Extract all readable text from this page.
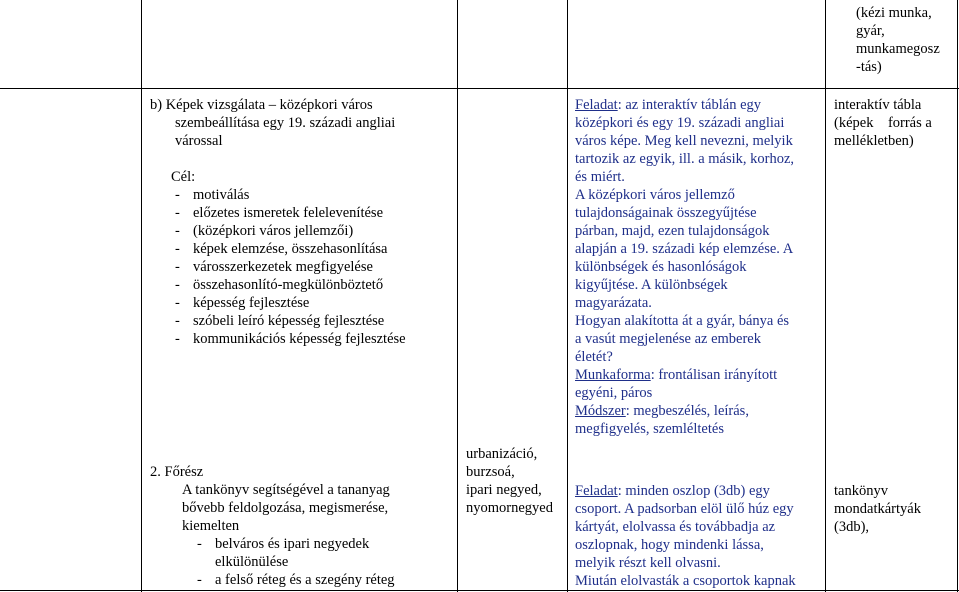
(kézi munka,
gyár,
munkamegosz
-tás)
b) Képek vizsgálata – középkori város
szembeállítása egy 19. századi angliai
várossal
Cél:
- motiválás
- előzetes ismeretek felelevenítése
- (középkori város jellemzői)
- képek elemzése, összehasonlítása
- városszerkezetek megfigyelése
- összehasonlító-megkülönböztető
- képesség fejlesztése
- szóbeli leíró képesség fejlesztése
- kommunikációs képesség fejlesztése
2. Főrész
A tankönyv segítségével a tananyag
bővebb feldolgozása, megismerése,
kiemelten
- belváros és ipari negyedek
elkülönülése
- a felső réteg és a szegény réteg
urbanizáció,
burzsoá,
ipari negyed,
nyomornegyed
Feladat: az interaktív táblán egy
középkori és egy 19. századi angliai
város képe. Meg kell nevezni, melyik
tartozik az egyik, ill. a másik, korhoz,
és miért.
A középkori város jellemző
tulajdonságainak összegyűjtése
párban, majd, ezen tulajdonságok
alapján a 19. századi kép elemzése. A
különbségek és hasonlóságok
kigyűjtése. A különbségek
magyarázata.
Hogyan alakította át a gyár, bánya és
a vasút megjelenése az emberek
életét?
Munkaforma: frontálisan irányított
egyéni, páros
Módszer: megbeszélés, leírás,
megfigyelés, szemléltetés
Feladat: minden oszlop (3db) egy
csoport. A padsorban elöl ülő húz egy
kártyát, elolvassa és továbbadja az
oszlopnak, hogy mindenki lássa,
melyik részt kell olvasni.
Miután elolvasták a csoportok kapnak
interaktív tábla
(képek    forrás a
mellékletben)
tankönyv
mondatkártyák
(3db),
